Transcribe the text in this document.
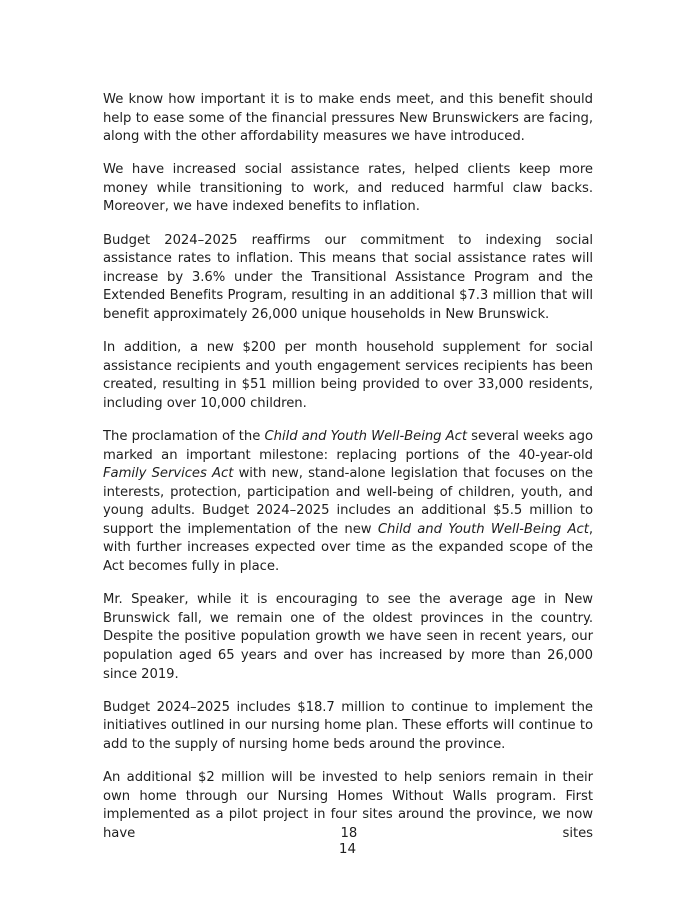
We know how important it is to make ends meet, and this benefit should help to ease some of the financial pressures New Brunswickers are facing, along with the other affordability measures we have introduced.

We have increased social assistance rates, helped clients keep more money while transitioning to work, and reduced harmful claw backs. Moreover, we have indexed benefits to inflation.

Budget 2024–2025 reaffirms our commitment to indexing social assistance rates to inflation. This means that social assistance rates will increase by 3.6% under the Transitional Assistance Program and the Extended Benefits Program, resulting in an additional $7.3 million that will benefit approximately 26,000 unique households in New Brunswick.

In addition, a new $200 per month household supplement for social assistance recipients and youth engagement services recipients has been created, resulting in $51 million being provided to over 33,000 residents, including over 10,000 children.

The proclamation of the Child and Youth Well-Being Act several weeks ago marked an important milestone: replacing portions of the 40-year-old Family Services Act with new, stand-alone legislation that focuses on the interests, protection, participation and well-being of children, youth, and young adults. Budget 2024–2025 includes an additional $5.5 million to support the implementation of the new Child and Youth Well-Being Act, with further increases expected over time as the expanded scope of the Act becomes fully in place.

Mr. Speaker, while it is encouraging to see the average age in New Brunswick fall, we remain one of the oldest provinces in the country. Despite the positive population growth we have seen in recent years, our population aged 65 years and over has increased by more than 26,000 since 2019.

Budget 2024–2025 includes $18.7 million to continue to implement the initiatives outlined in our nursing home plan. These efforts will continue to add to the supply of nursing home beds around the province.

An additional $2 million will be invested to help seniors remain in their own home through our Nursing Homes Without Walls program. First implemented as a pilot project in four sites around the province, we now have 18 sites

14
